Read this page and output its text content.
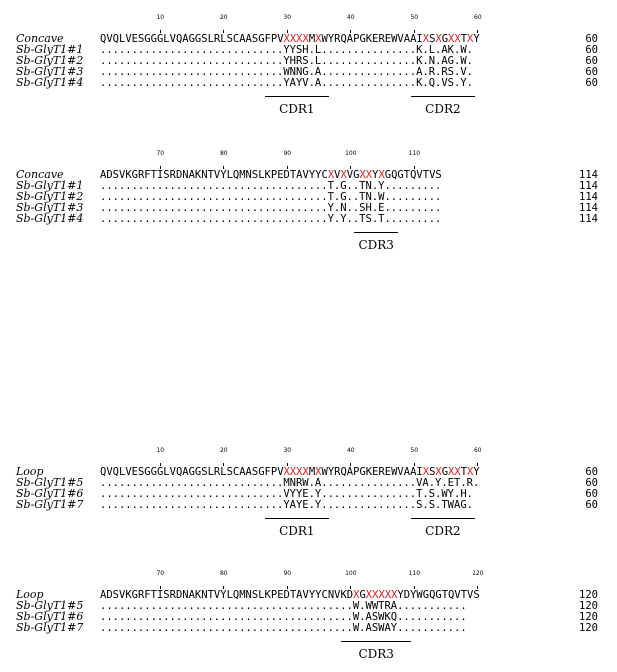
10	20	30	40	50	60
Concave	QVQLVESGGGLVQAGGSLRLSCAASGFPVXXXXMXWYRQAPGKEREWVAAIXSXGXXTXY	60
Sb-GlyT1#1 .............................YYSH.L...............K.L.AK.W.	60
Sb-GlyT1#2 .............................YHRS.L...............K.N.AG.W.	60
Sb-GlyT1#3 .............................WNNG.A...............A.R.RS.V.	60
Sb-GlyT1#4 .............................YAYV.A...............K.Q.VS.Y.	60
CDR1	CDR2
70	80	90	100	110
Concave	ADSVKGRFTISRDNAKNTVYLQMNSLKPEDTAVYYCXVXVGXXYXGQGTQVTVS	114
Sb-GlyT1#1 ....................................T.G..TN.Y.........	114
Sb-GlyT1#2 ....................................T.G..TN.W.........	114
Sb-GlyT1#3 ....................................Y.N..SH.E.........	114
Sb-GlyT1#4 ....................................Y.Y..TS.T.........	114
CDR3
10	20	30	40	50	60
Loop	QVQLVESGGGLVQAGGSLRLSCAASGFPVXXXXMXWYRQAPGKEREWVAAIXSXGXXTXY	60
Sb-GlyT1#5 .............................MNRW.A...............VA.Y.ET.R.	60
Sb-GlyT1#6 .............................VYYE.Y...............T.S.WY.H.	60
Sb-GlyT1#7 .............................YAYE.Y...............S.S.TWAG.	60
CDR1	CDR2
70	80	90	100	110	120
Loop	ADSVKGRFTISRDNAKNTVYLQMNSLKPEDTAVYYCNVKDXGXXXXXYDYWGQGTQVTVS	120
Sb-GlyT1#5 ........................................W.WWTRA...........	120
Sb-GlyT1#6 ........................................W.ASWKQ...........	120
Sb-GlyT1#7 ........................................W.ASWAY...........	120
CDR3
